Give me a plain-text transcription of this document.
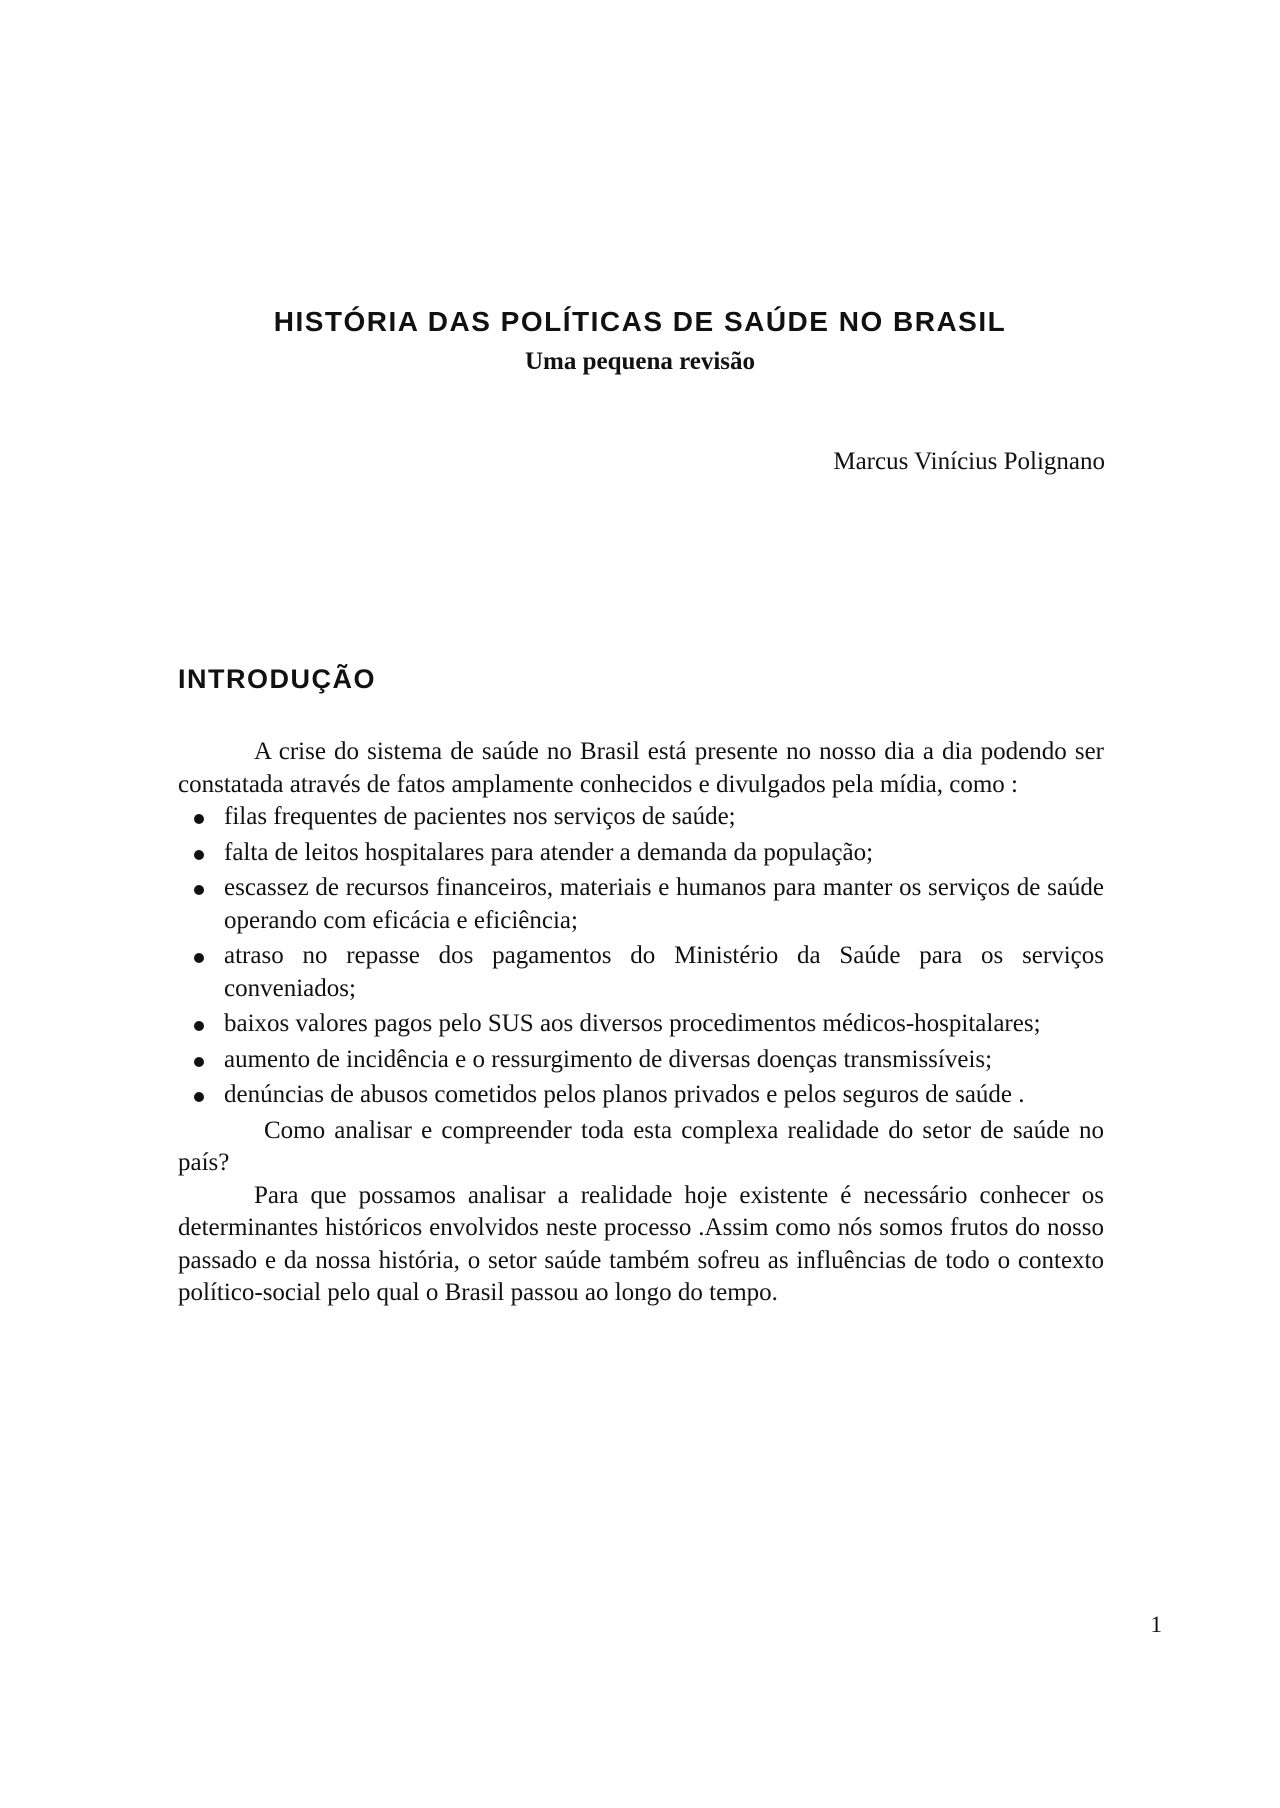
HISTÓRIA DAS POLÍTICAS DE SAÚDE NO BRASIL
Uma pequena revisão

Marcus Vinícius Polignano

INTRODUÇÃO

A crise do sistema de saúde no Brasil está presente no nosso dia a dia podendo ser constatada através de fatos amplamente conhecidos e divulgados pela mídia, como :

filas frequentes de pacientes nos serviços de saúde;
falta de leitos hospitalares para atender a demanda da população;
escassez de recursos financeiros, materiais e humanos para manter os serviços de saúde operando com eficácia e eficiência;
atraso no repasse dos pagamentos do Ministério da Saúde para os serviços conveniados;
baixos valores pagos pelo SUS aos diversos procedimentos médicos-hospitalares;
aumento de incidência e o ressurgimento de diversas doenças transmissíveis;
denúncias de abusos cometidos pelos planos privados e pelos seguros de saúde .

Como analisar e compreender toda esta complexa realidade do setor de saúde no país?

Para que possamos analisar a realidade hoje existente é necessário conhecer os determinantes históricos envolvidos neste processo .Assim como nós somos frutos do nosso passado e da nossa história, o setor saúde também sofreu as influências de todo o contexto político-social pelo qual o Brasil passou ao longo do tempo.

1
